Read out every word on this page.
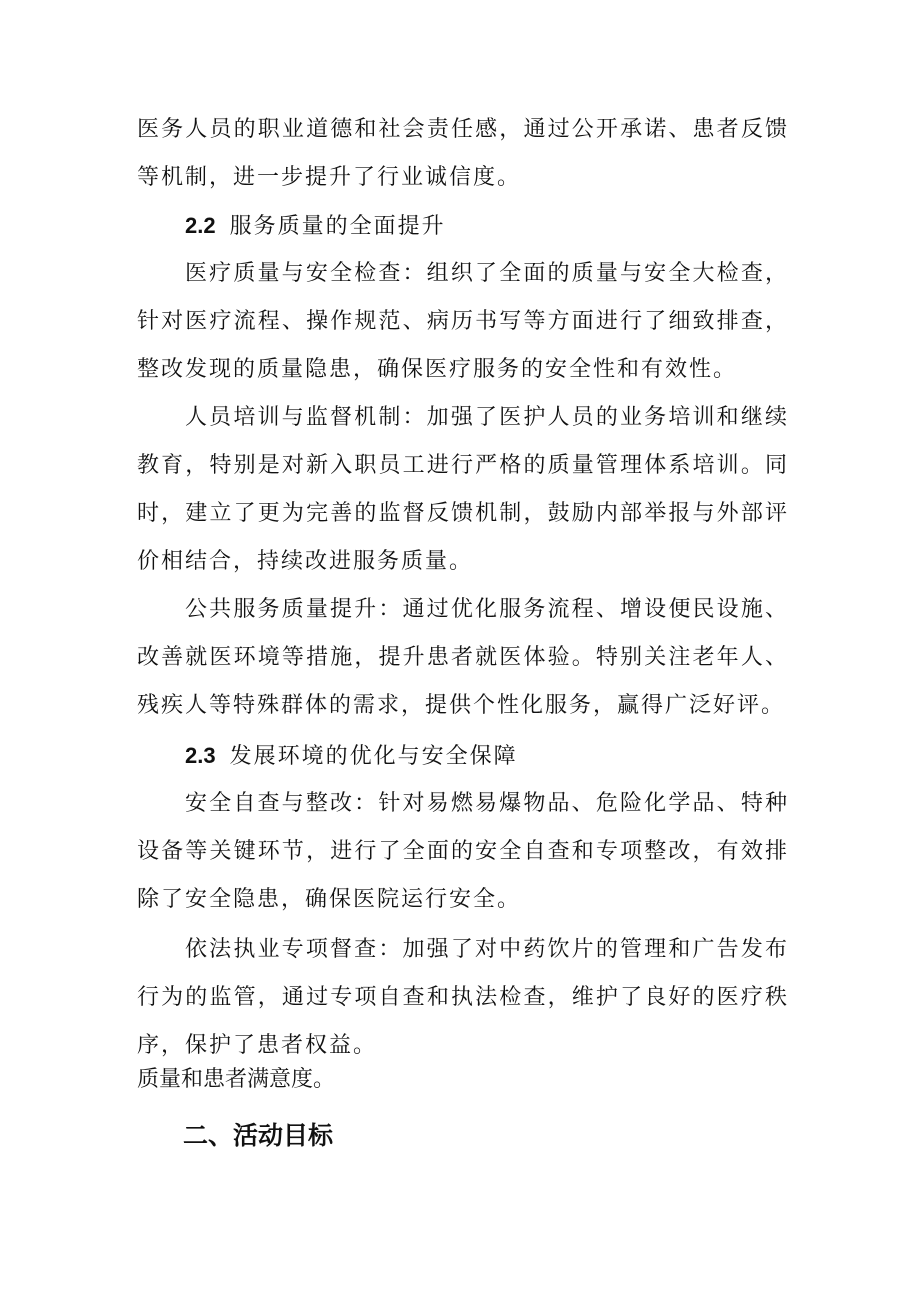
医务人员的职业道德和社会责任感，通过公开承诺、患者反馈等机制，进一步提升了行业诚信度。

2.2 服务质量的全面提升

医疗质量与安全检查：组织了全面的质量与安全大检查，针对医疗流程、操作规范、病历书写等方面进行了细致排查，整改发现的质量隐患，确保医疗服务的安全性和有效性。

人员培训与监督机制：加强了医护人员的业务培训和继续教育，特别是对新入职员工进行严格的质量管理体系培训。同时，建立了更为完善的监督反馈机制，鼓励内部举报与外部评价相结合，持续改进服务质量。

公共服务质量提升：通过优化服务流程、增设便民设施、改善就医环境等措施，提升患者就医体验。特别关注老年人、残疾人等特殊群体的需求，提供个性化服务，赢得广泛好评。

2.3 发展环境的优化与安全保障

安全自查与整改：针对易燃易爆物品、危险化学品、特种设备等关键环节，进行了全面的安全自查和专项整改，有效排除了安全隐患，确保医院运行安全。

依法执业专项督查：加强了对中药饮片的管理和广告发布行为的监管，通过专项自查和执法检查，维护了良好的医疗秩序，保护了患者权益。

质量和患者满意度。

二、活动目标
